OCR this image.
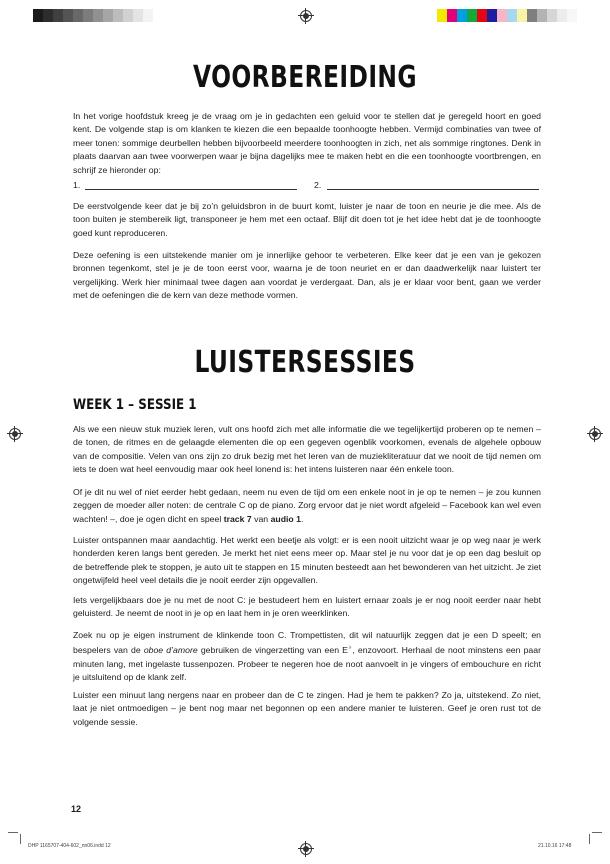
VOORBEREIDING

In het vorige hoofdstuk kreeg je de vraag om je in gedachten een geluid voor te stellen dat je geregeld hoort en goed kent. De volgende stap is om klanken te kiezen die een bepaalde toonhoogte hebben. Vermijd combinaties van twee of meer tonen: sommige deurbellen hebben bijvoorbeeld meerdere toonhoogten in zich, net als sommige ringtones. Denk in plaats daarvan aan twee voorwerpen waar je bijna dagelijks mee te maken hebt en die een toonhoogte voortbrengen, en schrijf ze hieronder op:

1.	2.

De eerstvolgende keer dat je bij zo’n geluidsbron in de buurt komt, luister je naar de toon en neurie je die mee. Als de toon buiten je stembereik ligt, transponeer je hem met een octaaf. Blijf dit doen tot je het idee hebt dat je de toonhoogte goed kunt reproduceren.

Deze oefening is een uitstekende manier om je innerlijke gehoor te verbeteren. Elke keer dat je een van je gekozen bronnen tegenkomt, stel je je de toon eerst voor, waarna je de toon neuriet en er dan daadwerkelijk naar luistert ter vergelijking. Werk hier minimaal twee dagen aan voordat je verdergaat. Dan, als je er klaar voor bent, gaan we verder met de oefeningen die de kern van deze methode vormen.

LUISTERSESSIES
WEEK 1 – SESSIE 1

Als we een nieuw stuk muziek leren, vult ons hoofd zich met alle informatie die we tegelijkertijd proberen op te nemen – de tonen, de ritmes en de gelaagde elementen die op een gegeven ogenblik voorkomen, evenals de algehele opbouw van de compositie. Velen van ons zijn zo druk bezig met het leren van de muziekliteratuur dat we nooit de tijd nemen om iets te doen wat heel eenvoudig maar ook heel lonend is: het intens luisteren naar één enkele toon.

Of je dit nu wel of niet eerder hebt gedaan, neem nu even de tijd om een enkele noot in je op te nemen – je zou kunnen zeggen de moeder aller noten: de centrale C op de piano. Zorg ervoor dat je niet wordt afgeleid – Facebook kan wel even wachten! –, doe je ogen dicht en speel track 7 van audio 1.

Luister ontspannen maar aandachtig. Het werkt een beetje als volgt: er is een nooit uitzicht waar je op weg naar je werk honderden keren langs bent gereden. Je merkt het niet eens meer op. Maar stel je nu voor dat je op een dag besluit op de betreffende plek te stoppen, je auto uit te stappen en 15 minuten besteedt aan het bewonderen van het uitzicht. Je ziet ongetwijfeld heel veel details die je nooit eerder zijn opgevallen.

Iets vergelijkbaars doe je nu met de noot C: je bestudeert hem en luistert ernaar zoals je er nog nooit eerder naar hebt geluisterd. Je neemt de noot in je op en laat hem in je oren weerklinken.

Zoek nu op je eigen instrument de klinkende toon C. Trompettisten, dit wil natuurlijk zeggen dat je een D speelt; en bespelers van de oboe d’amore gebruiken de vingerzetting van een E♭, enzovoort. Herhaal de noot minstens een paar minuten lang, met ingelaste tussenpozen. Probeer te negeren hoe de noot aanvoelt in je vingers of embouchure en richt je uitsluitend op de klank zelf.

Luister een minuut lang nergens naar en probeer dan de C te zingen. Had je hem te pakken? Zo ja, uitstekend. Zo niet, laat je niet ontmoedigen – je bent nog maar net begonnen op een andere manier te luisteren. Geef je oren rust tot de volgende sessie.

12
DHP 1165707-404-602_nn06.indd 12	21.10.16 17:48
